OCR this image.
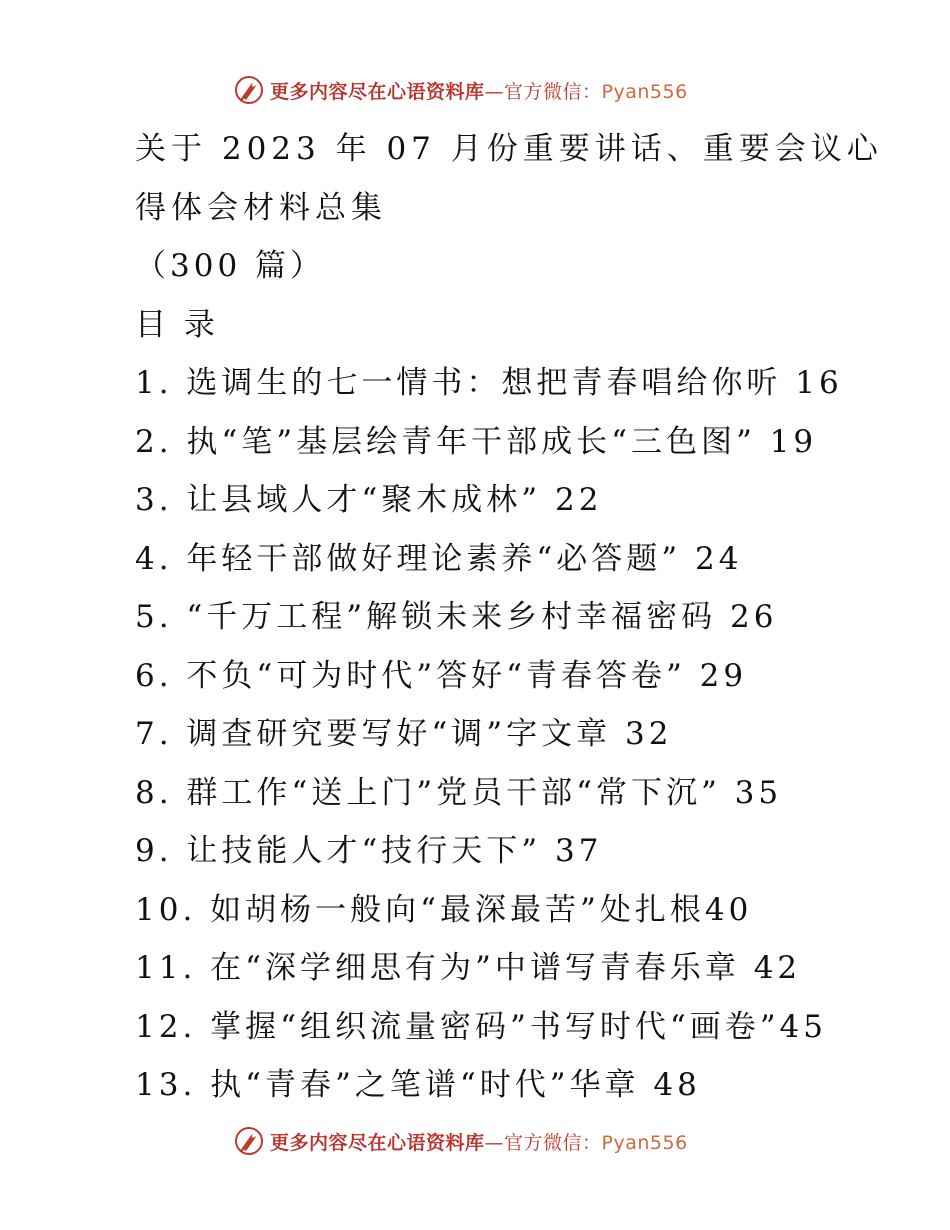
更多内容尽在心语资料库—官方微信：Pyan556
关于 2023 年 07 月份重要讲话、重要会议心
得体会材料总集
（300 篇）
目 录
1. 选调生的七一情书：想把青春唱给你听 16
2. 执“笔”基层绘青年干部成长“三色图” 19
3. 让县域人才“聚木成林” 22
4. 年轻干部做好理论素养“必答题” 24
5. “千万工程”解锁未来乡村幸福密码 26
6. 不负“可为时代”答好“青春答卷” 29
7. 调查研究要写好“调”字文章 32
8. 群工作“送上门”党员干部“常下沉” 35
9. 让技能人才“技行天下” 37
10. 如胡杨一般向“最深最苦”处扎根40
11. 在“深学细思有为”中谱写青春乐章 42
12. 掌握“组织流量密码”书写时代“画卷”45
13. 执“青春”之笔谱“时代”华章 48
更多内容尽在心语资料库—官方微信：Pyan556
